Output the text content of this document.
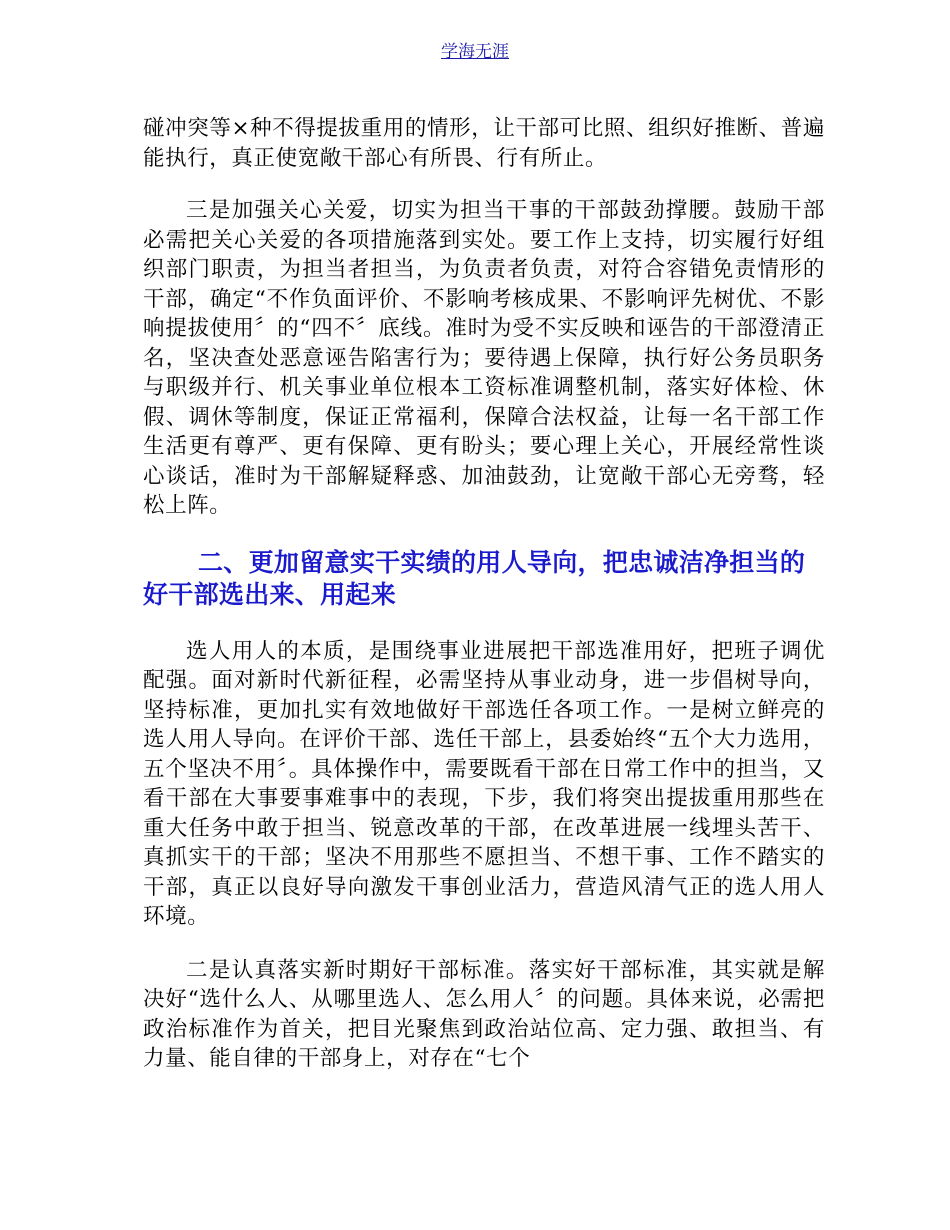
学海无涯

碰冲突等×种不得提拔重用的情形，让干部可比照、组织好推断、普遍能执行，真正使宽敞干部心有所畏、行有所止。

三是加强关心关爱，切实为担当干事的干部鼓劲撑腰。鼓励干部必需把关心关爱的各项措施落到实处。要工作上支持，切实履行好组织部门职责，为担当者担当，为负责者负责，对符合容错免责情形的干部，确定“不作负面评价、不影响考核成果、不影响评先树优、不影响提拔使用〞的“四不〞底线。准时为受不实反映和诬告的干部澄清正名，坚决查处恶意诬告陷害行为；要待遇上保障，执行好公务员职务与职级并行、机关事业单位根本工资标准调整机制，落实好体检、休假、调休等制度，保证正常福利，保障合法权益，让每一名干部工作生活更有尊严、更有保障、更有盼头；要心理上关心，开展经常性谈心谈话，准时为干部解疑释惑、加油鼓劲，让宽敞干部心无旁骛，轻松上阵。

二、更加留意实干实绩的用人导向，把忠诚洁净担当的好干部选出来、用起来

选人用人的本质，是围绕事业进展把干部选准用好，把班子调优配强。面对新时代新征程，必需坚持从事业动身，进一步倡树导向，坚持标准，更加扎实有效地做好干部选任各项工作。一是树立鲜亮的选人用人导向。在评价干部、选任干部上，县委始终“五个大力选用，五个坚决不用〞。具体操作中，需要既看干部在日常工作中的担当，又看干部在大事要事难事中的表现，下步，我们将突出提拔重用那些在重大任务中敢于担当、锐意改革的干部，在改革进展一线埋头苦干、真抓实干的干部；坚决不用那些不愿担当、不想干事、工作不踏实的干部，真正以良好导向激发干事创业活力，营造风清气正的选人用人环境。

二是认真落实新时期好干部标准。落实好干部标准，其实就是解决好“选什么人、从哪里选人、怎么用人〞的问题。具体来说，必需把政治标准作为首关，把目光聚焦到政治站位高、定力强、敢担当、有力量、能自律的干部身上，对存在“七个
